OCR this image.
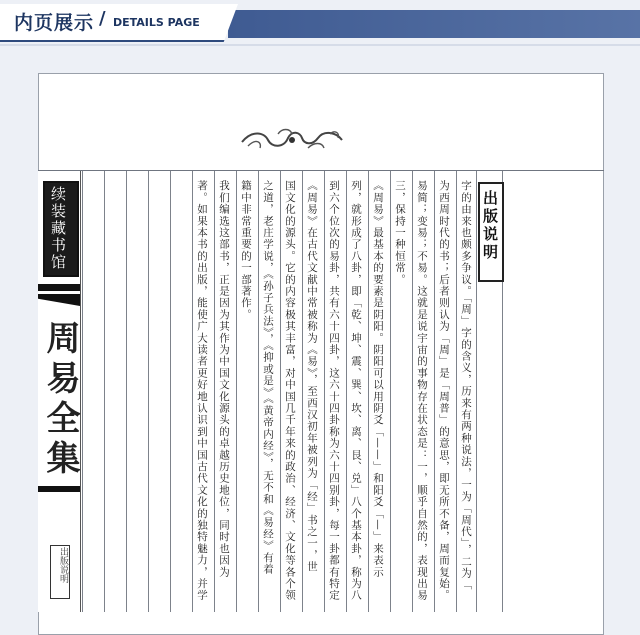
内页展示 / DETAILS PAGE
续装藏书馆
周易全集
出版说明	字的由来也颇多争议。「周」字的含义，历来有两种说法，一为「周代」，二为「
为西周时代的书；后者则认为「周」是「周普」的意思，即无所不备，周而复始。
易简；变易；不易。这就是说宇宙的事物存在状态是：一，顺乎自然的，表现出易
三，保持一种恒常。
《周易》最基本的要素是阴阳。阴阳可以用阴爻「——」和阳爻「—」来表示
列，就形成了八卦，即「乾、坤、震、巽、坎、离、艮、兑」八个基本卦，称为八
到六个位次的易卦，共有六十四卦，这六十四卦称为六十四别卦，每一卦都有特定
《周易》在古代文献中常被称为《易》，至西汉初年被列为「经」书之一，世
国文化的源头。它的内容极其丰富，对中国几千年来的政治、经济、文化等各个领
之道，老庄学说，《孙子兵法》，《抑或是》《黄帝内经》，无不和《易经》有着
籍中非常重要的一部著作。
我们编选这部书，正是因为其作为中国文化源头的卓越历史地位，同时也因为
著。如果本书的出版，能使广大读者更好地认识到中国古代文化的独特魅力，并学	出版说明
